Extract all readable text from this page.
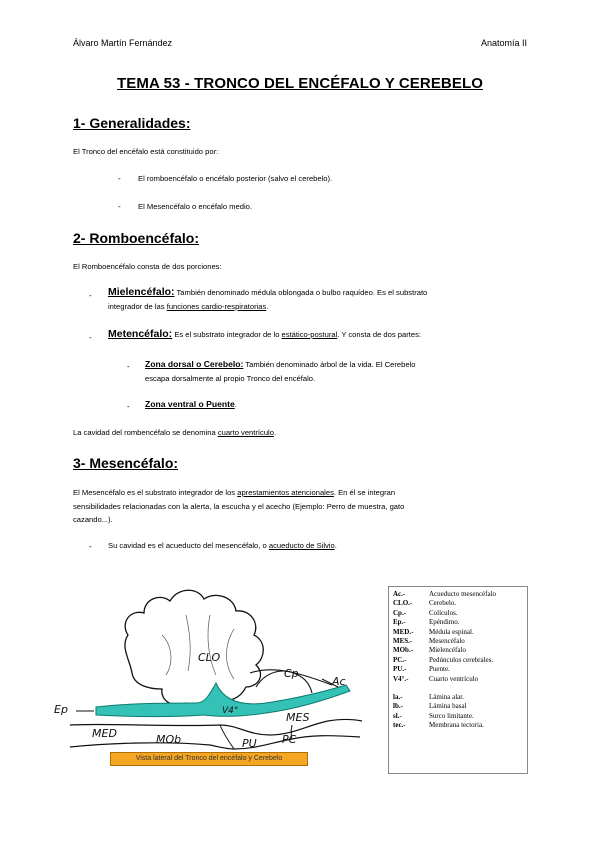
Álvaro Martín Fernández	Anatomía II
TEMA 53 - TRONCO DEL ENCÉFALO Y CEREBELO
1- Generalidades:
El Tronco del encéfalo está constituido por:
- El romboencéfalo o encéfalo posterior (salvo el cerebelo).
- El Mesencéfalo o encéfalo medio.
2- Romboencéfalo:
El Romboencéfalo consta de dos porciones:
- Mielencéfalo: También denominado médula oblongada o bulbo raquídeo. Es el substrato
integrador de las funciones cardio-respiratorias.
- Metencéfalo: Es el substrato integrador de lo estático-postural. Y consta de dos partes:
- Zona dorsal o Cerebelo: También denominado árbol de la vida. El Cerebelo
escapa dorsalmente al propio Tronco del encéfalo.
- Zona ventral o Puente.
La cavidad del rombencéfalo se denomina cuarto ventrículo.
3- Mesencéfalo:
El Mesencéfalo es el substrato integrador de los aprestamientos atencionales. En él se integran
sensibilidades relacionadas con la alerta, la escucha y el acecho (Ejemplo: Perro de muestra, gato
cazando...).
- Su cavidad es el acueducto del mesencéfalo, o acueducto de Silvio.
CLO
Cp
Ep
Ac
V4°
MED
MES
MOb	PU PC
Vista lateral del Tronco del encéfalo y Cerebelo
Ac.-	Acueducto mesencéfalo
CLO.-	Cerebelo.
Cp.-	Colículos.
Ep.-	Epéndimo.
MED.-	Médula espinal.
MES.-	Mesencéfalo
MOb.-	Mielencéfalo
PC.-	Pedúnculos cerebrales.
PU.-	Puente.
V4°.-	Cuarto ventrículo
la.-	Lámina alar.
lb.-	Lámina basal
sl.-	Surco limitante.
tec.-	Membrana tectoria.
